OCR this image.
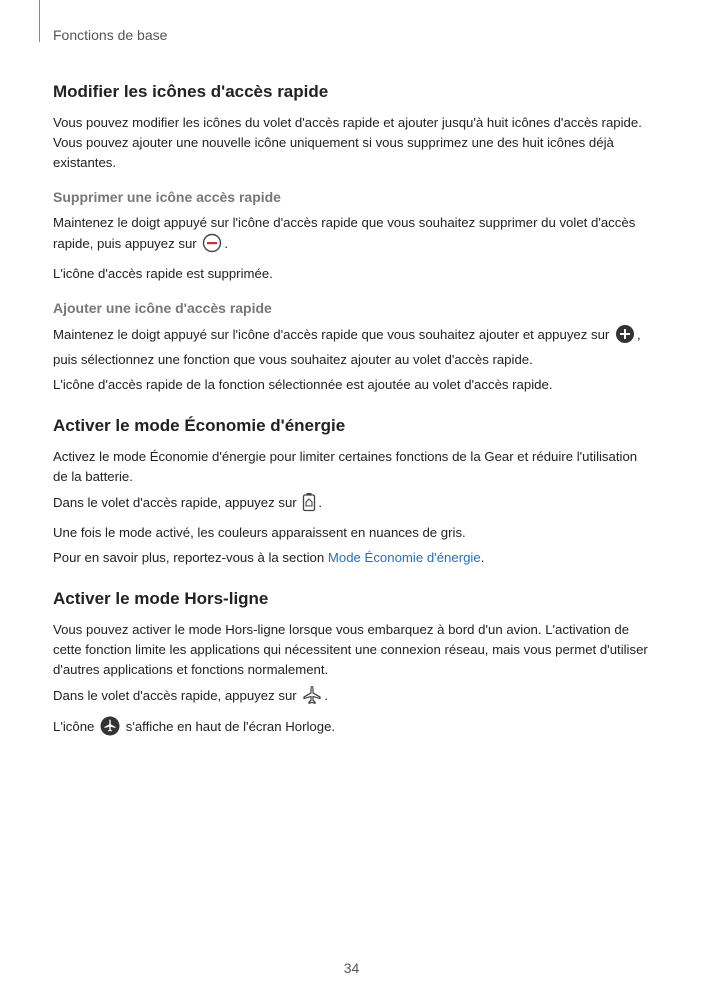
Fonctions de base
Modifier les icônes d'accès rapide

Vous pouvez modifier les icônes du volet d'accès rapide et ajouter jusqu'à huit icônes d'accès rapide. Vous pouvez ajouter une nouvelle icône uniquement si vous supprimez une des huit icônes déjà existantes.

Supprimer une icône accès rapide

Maintenez le doigt appuyé sur l'icône d'accès rapide que vous souhaitez supprimer du volet d'accès rapide, puis appuyez sur .

L'icône d'accès rapide est supprimée.

Ajouter une icône d'accès rapide

Maintenez le doigt appuyé sur l'icône d'accès rapide que vous souhaitez ajouter et appuyez sur , puis sélectionnez une fonction que vous souhaitez ajouter au volet d'accès rapide.

L'icône d'accès rapide de la fonction sélectionnée est ajoutée au volet d'accès rapide.

Activer le mode Économie d'énergie

Activez le mode Économie d'énergie pour limiter certaines fonctions de la Gear et réduire l'utilisation de la batterie.

Dans le volet d'accès rapide, appuyez sur .

Une fois le mode activé, les couleurs apparaissent en nuances de gris.

Pour en savoir plus, reportez-vous à la section Mode Économie d'énergie.

Activer le mode Hors-ligne

Vous pouvez activer le mode Hors-ligne lorsque vous embarquez à bord d'un avion. L'activation de cette fonction limite les applications qui nécessitent une connexion réseau, mais vous permet d'utiliser d'autres applications et fonctions normalement.

Dans le volet d'accès rapide, appuyez sur .

L'icône s'affiche en haut de l'écran Horloge.

34
